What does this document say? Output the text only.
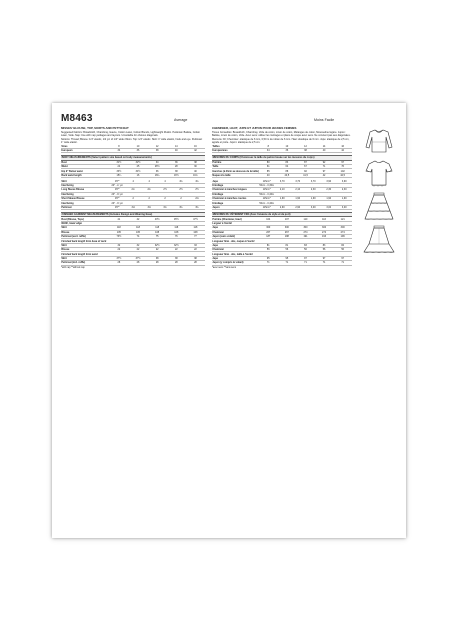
M8463	Average	Moins Facile
MISSES' BLOUSE, TOP, SKIRTS AND PETTICOAT
Suggested Fabrics: Broadcloth, Chambray, Gauze, Cotton Lawn, Cotton Blends, Lightweight Muslin. Petticoat: Batiste, Cotton Lawn, Voile. Nap: Use with nap yardages and layouts. Unsuitable for obvious diagonals.
Notions: Thread; Blouse: 1/4" elastic, 1/2 yd. of 1/4" wide ribbon. Top: 1/4" elastic. Skirt: 1" wide elastic, hook and eye. Petticoat: 1" wide elastic.
Sizes	8	10	12	14	16
European	34	36	38	40	42
BODY MEASUREMENTS (Select pattern size based on body measurements)
Bust	31½	32½	34	36	38
Waist	24	25	26½	28	30
Hip 9" Below waist	33½	34½	36	38	40
Back waist length	15¾	16	16¼	16½	16¾
Skirt	45"*	4	4	4	4¼	4¼
Interfacing	20" - ¼ yd.					
Long Sleeve Blouse	45"*	2¼	2¼	2½	2½	2½
Interfacing	20" - ⅜ yd.					
Short Sleeve Blouse	45"*	2	2	2	2	2⅛
Interfacing	20" - ⅜ yd.					
Petticoat	45"*	3⅛	3⅛	3¼	3¼	3¼
FINISHED GARMENT MEASUREMENTS (Includes Design and Wearing Ease)
Bust (Blouse, Tops)	41	42	43½	45½	47½
Width, lower edge					
Skirt	118	118	118	118	118
Blouse	105	105	108	108	108
Petticoat (excl. ruffle)	73½	74	75	76	77
Finished back length from base of neck					
Skirt	32	32	32½	32½	33
Blouse	22	22	22	22	22
Finished back length from waist					
Skirt	37½	37½	38	38	38
Petticoat (incl. ruffle)	28	28	28	28	28
*with nap **without nap
CHEMISIER, HAUT, JUPE ET JUPON POUR JEUNES FEMMES
Tissus Conseillés: Broadcloth, Chambray, Voile de coton, Linon de coton, Mélanges de coton, Mousseline légère. Jupon: Batiste, Linon de coton, Voile. Avec sens: utiliser les métrages et plans de coupe avec sens. Ne convient pas aux diagonales.
Mercerie: Fil; Chemisier: élastique de 6 mm, 0,50 m de ruban de 6 mm. Haut: élastique de 6 mm. Jupe: élastique de 2,5 cm, agrafe et porte. Jupon: élastique de 2,5 cm.
Tailles	8	10	12	14	16
Européennes	34	36	38	40	42
MESURES DU CORPS (Choisissez la taille du patron basée sur les mesures du corps)
Poitrine	80	83	87	92	97
Taille	61	64	67	71	76
Hanches (à 23cm au dessous de la taille)	85	88	92	97	102
Nuque à la taille	40	40,5	41,5	42	42,5
Jupe	115cm*	3,70	3,70	3,70	3,90	3,90
Entoilage	50cm - 0,30m					
Chemisier à manches longues	115cm*	2,10	2,10	2,30	2,30	2,30
Entoilage	50cm - 0,40m					
Chemisier à manches courtes	115cm*	1,90	1,90	1,90	1,90	1,90
Entoilage	50cm - 0,40m					
Jupon	115cm*	2,90	2,90	3,00	3,00	3,00
MESURES DU VÊTEMENT FINI (Avec l'aisance de style et de port)
Poitrine (Chemisier, Haut)	104	107	110	116	121
Largeur à l'ourlet					
Jupe	300	300	300	300	300
Chemisier	267	267	274	274	274
Jupon (sans volant)	187	188	191	193	196
Longueur finie - dos, nuque à l'ourlet					
Jupe	81	81	83	83	84
Chemisier	56	56	56	56	56
Longueur finie - dos, taille à l'ourlet					
Jupe	95	95	97	97	97
Jupon (y compris le volant)	71	71	71	71	71
*avec sens **sans sens
